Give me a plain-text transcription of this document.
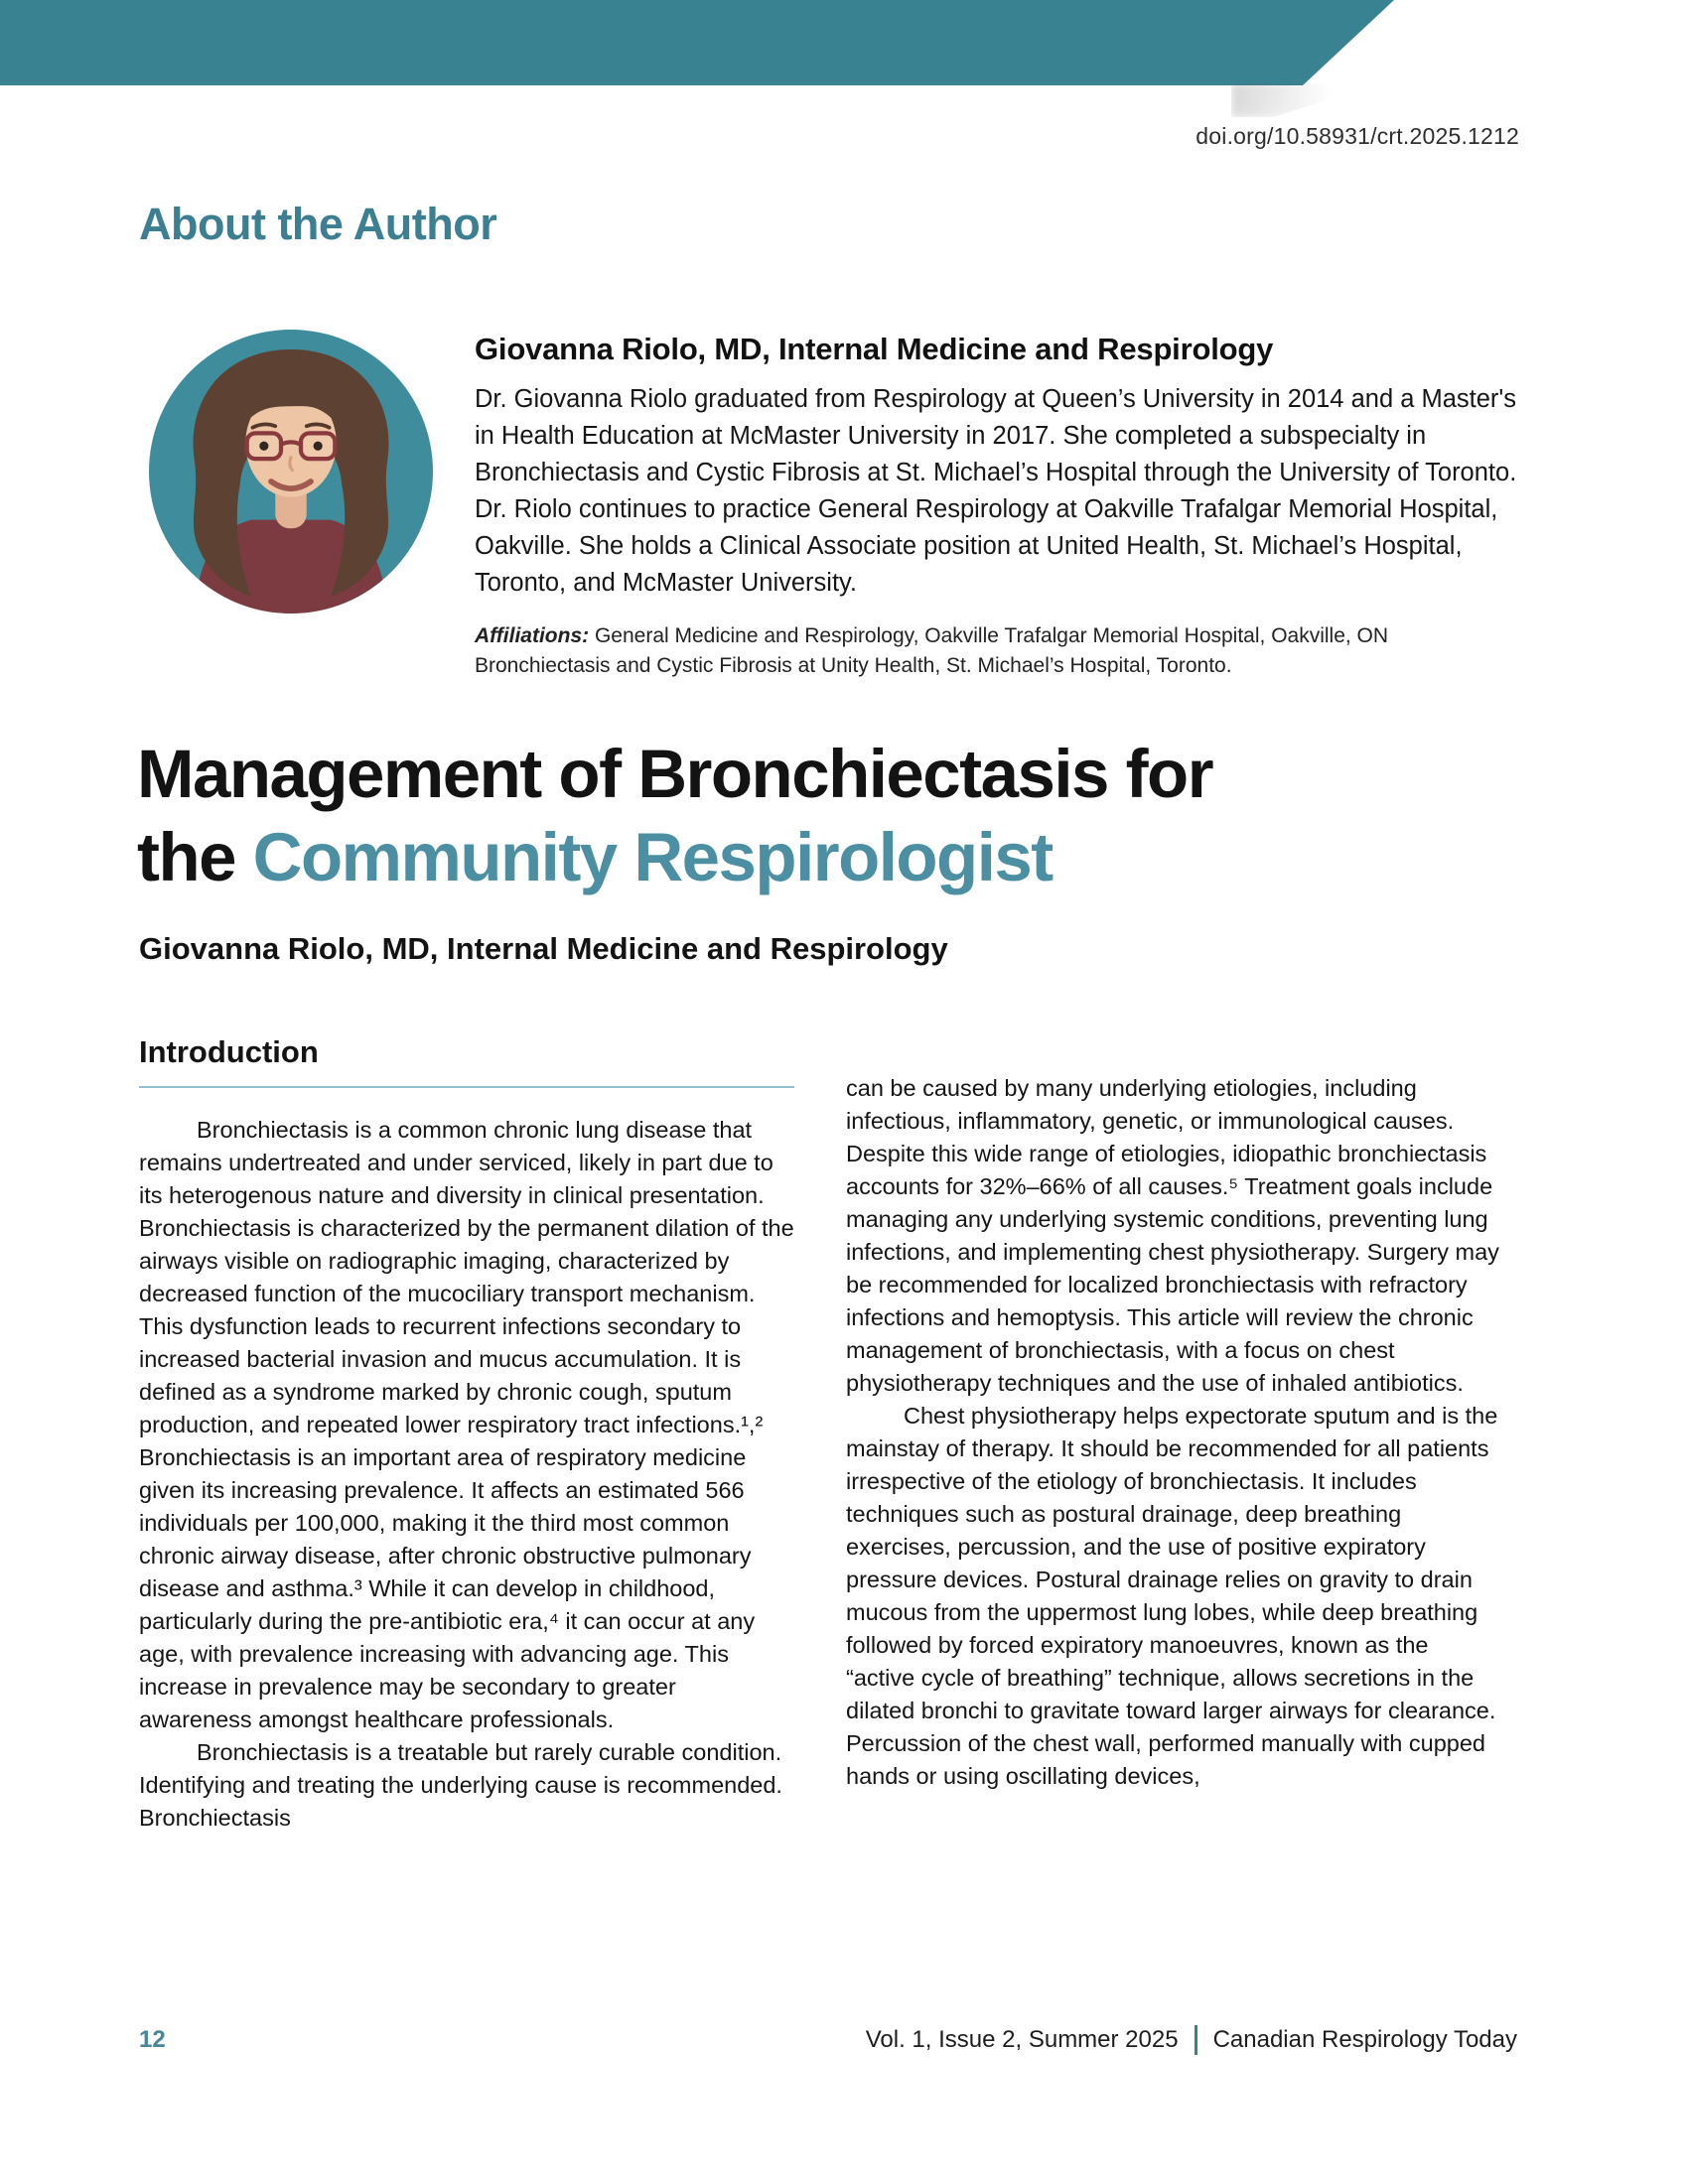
doi.org/10.58931/crt.2025.1212
About the Author
Giovanna Riolo, MD, Internal Medicine and Respirology

Dr. Giovanna Riolo graduated from Respirology at Queen’s University in 2014 and a Master's in Health Education at McMaster University in 2017. She completed a subspecialty in Bronchiectasis and Cystic Fibrosis at St. Michael’s Hospital through the University of Toronto. Dr. Riolo continues to practice General Respirology at Oakville Trafalgar Memorial Hospital, Oakville. She holds a Clinical Associate position at United Health, St. Michael’s Hospital, Toronto, and McMaster University.

Affiliations: General Medicine and Respirology, Oakville Trafalgar Memorial Hospital, Oakville, ON
Bronchiectasis and Cystic Fibrosis at Unity Health, St. Michael’s Hospital, Toronto.

Management of Bronchiectasis for
the Community Respirologist
Giovanna Riolo, MD, Internal Medicine and Respirology
Introduction

Bronchiectasis is a common chronic lung disease that remains undertreated and under serviced, likely in part due to its heterogenous nature and diversity in clinical presentation. Bronchiectasis is characterized by the permanent dilation of the airways visible on radiographic imaging, characterized by decreased function of the mucociliary transport mechanism. This dysfunction leads to recurrent infections secondary to increased bacterial invasion and mucus accumulation. It is defined as a syndrome marked by chronic cough, sputum production, and repeated lower respiratory tract infections.¹,² Bronchiectasis is an important area of respiratory medicine given its increasing prevalence. It affects an estimated 566 individuals per 100,000, making it the third most common chronic airway disease, after chronic obstructive pulmonary disease and asthma.³ While it can develop in childhood, particularly during the pre-antibiotic era,⁴ it can occur at any age, with prevalence increasing with advancing age. This increase in prevalence may be secondary to greater awareness amongst healthcare professionals.

Bronchiectasis is a treatable but rarely curable condition. Identifying and treating the underlying cause is recommended. Bronchiectasis

can be caused by many underlying etiologies, including infectious, inflammatory, genetic, or immunological causes. Despite this wide range of etiologies, idiopathic bronchiectasis accounts for 32%–66% of all causes.⁵ Treatment goals include managing any underlying systemic conditions, preventing lung infections, and implementing chest physiotherapy. Surgery may be recommended for localized bronchiectasis with refractory infections and hemoptysis. This article will review the chronic management of bronchiectasis, with a focus on chest physiotherapy techniques and the use of inhaled antibiotics.

Chest physiotherapy helps expectorate sputum and is the mainstay of therapy. It should be recommended for all patients irrespective of the etiology of bronchiectasis. It includes techniques such as postural drainage, deep breathing exercises, percussion, and the use of positive expiratory pressure devices. Postural drainage relies on gravity to drain mucous from the uppermost lung lobes, while deep breathing followed by forced expiratory manoeuvres, known as the “active cycle of breathing” technique, allows secretions in the dilated bronchi to gravitate toward larger airways for clearance. Percussion of the chest wall, performed manually with cupped hands or using oscillating devices,

12	Vol. 1, Issue 2, Summer 2025 Canadian Respirology Today
